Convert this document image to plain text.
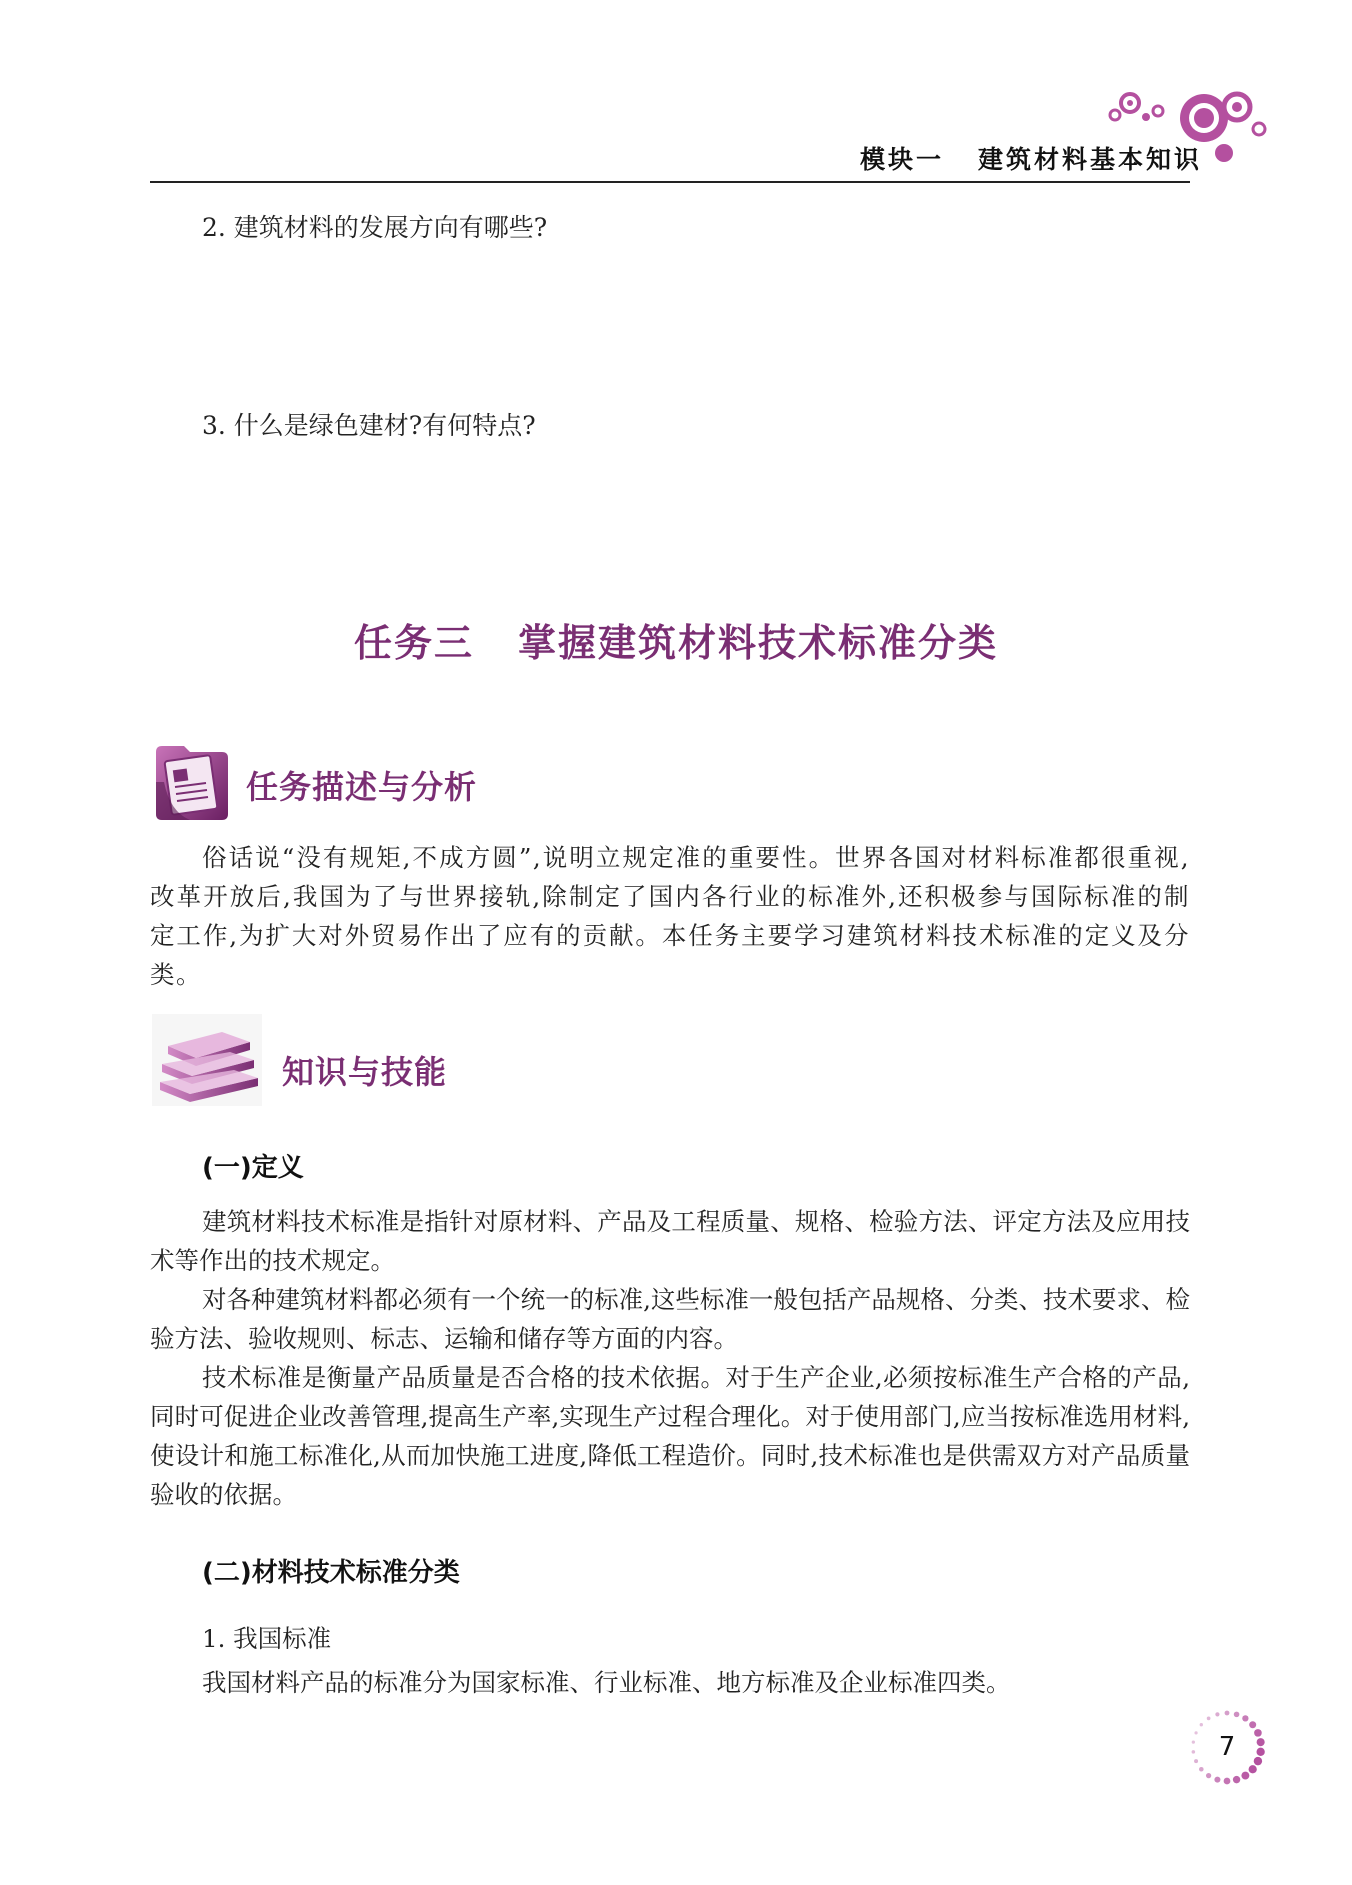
模块一 建筑材料基本知识
2. 建筑材料的发展方向有哪些?
3. 什么是绿色建材?有何特点?
任务三 掌握建筑材料技术标准分类
任务描述与分析

俗话说“没有规矩,不成方圆”,说明立规定准的重要性。世界各国对材料标准都很重视,改革开放后,我国为了与世界接轨,除制定了国内各行业的标准外,还积极参与国际标准的制定工作,为扩大对外贸易作出了应有的贡献。本任务主要学习建筑材料技术标准的定义及分类。

知识与技能
(一)定义

建筑材料技术标准是指针对原材料、产品及工程质量、规格、检验方法、评定方法及应用技术等作出的技术规定。

对各种建筑材料都必须有一个统一的标准,这些标准一般包括产品规格、分类、技术要求、检验方法、验收规则、标志、运输和储存等方面的内容。

技术标准是衡量产品质量是否合格的技术依据。对于生产企业,必须按标准生产合格的产品,同时可促进企业改善管理,提高生产率,实现生产过程合理化。对于使用部门,应当按标准选用材料,使设计和施工标准化,从而加快施工进度,降低工程造价。同时,技术标准也是供需双方对产品质量验收的依据。

(二)材料技术标准分类
1. 我国标准
我国材料产品的标准分为国家标准、行业标准、地方标准及企业标准四类。
7
